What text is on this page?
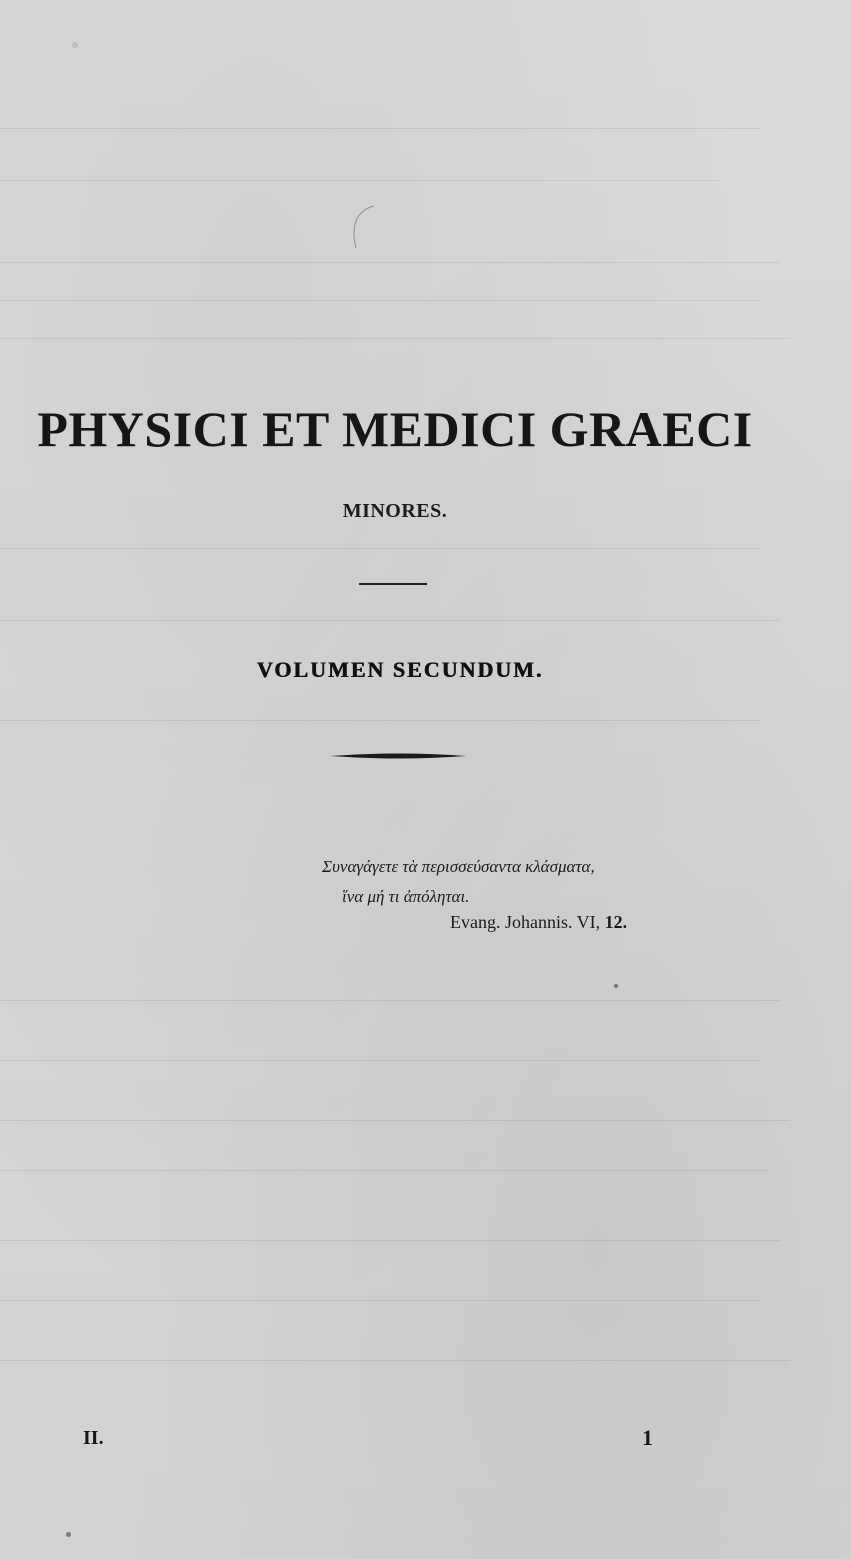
PHYSICI ET MEDICI GRAECI
MINORES.
VOLUMEN SECUNDUM.
Συναγάγετε τὰ περισσεύσαντα κλάσματα,
ἵνα μή τι ἀπόληται.
Evang. Johannis. VI, 12.
II.	1
